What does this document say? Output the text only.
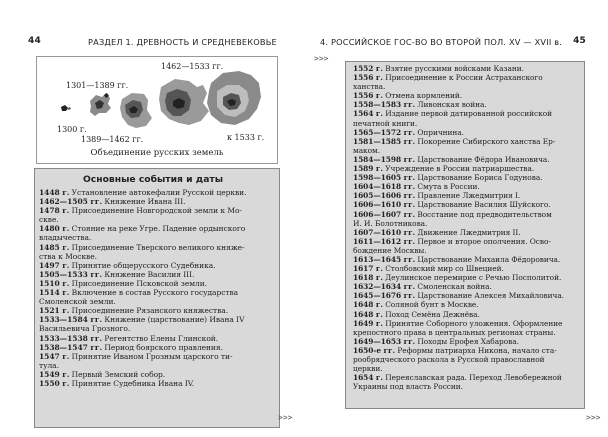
44	РАЗДЕЛ 1. ДРЕВНОСТЬ И СРЕДНЕВЕКОВЬЕ
1300 г.
1301—1389 гг.
1389—1462 гг.
1462—1533 гг.
к 1533 г.
Объединение русских земель
Основные события и даты
1448 г. Установление автокефалии Русской церкви.
1462—1505 гг. Княжение Ивана III.
1478 г. Присоединение Новгородской земли к Мо-
скве.
1480 г. Стояние на реке Угре. Падение ордынского
владычества.
1485 г. Присоединение Тверского великого княже-
ства к Москве.
1497 г. Принятие общерусского Судебника.
1505—1533 гг. Княжение Василия III.
1510 г. Присоединение Псковской земли.
1514 г. Включение в состав Русского государства
Смоленской земли.
1521 г. Присоединение Рязанского княжества.
1533—1584 гг. Княжение (царствование) Ивана IV
Васильевича Грозного.
1533—1538 гг. Регентство Елены Глинской.
1538—1547 гг. Период боярского правления.
1547 г. Принятие Иваном Грозным царского ти-
тула.
1549 г. Первый Земский собор.
1550 г. Принятие Судебника Ивана IV.
>>>
4. РОССИЙСКОЕ ГОС-ВО ВО ВТОРОЙ ПОЛ. XV — XVII в. 45
>>>
1552 г. Взятие русскими войсками Казани.
1556 г. Присоединение к России Астраханского
ханства.
1556 г. Отмена кормлений.
1558—1583 гг. Ливонская война.
1564 г. Издание первой датированной российской
печатной книги.
1565—1572 гг. Опричнина.
1581—1585 гг. Покорение Сибирского ханства Ер-
маком.
1584—1598 гг. Царствование Фёдора Ивановича.
1589 г. Учреждение в России патриаршества.
1598—1605 гг. Царствование Бориса Годунова.
1604—1618 гг. Смута в России.
1605—1606 гг. Правление Лжедмитрия I.
1606—1610 гг. Царствование Василия Шуйского.
1606—1607 гг. Восстание под предводительством
И. И. Болотникова.
1607—1610 гг. Движение Лжедмитрия II.
1611—1612 гг. Первое и второе ополчения. Осво-
бождение Москвы.
1613—1645 гг. Царствование Михаила Фёдоровича.
1617 г. Столбовский мир со Швецией.
1618 г. Деулинское перемирие с Речью Посполитой.
1632—1634 гг. Смоленская война.
1645—1676 гг. Царствование Алексея Михайловича.
1648 г. Соляной бунт в Москве.
1648 г. Поход Семёна Дежнёва.
1649 г. Принятие Соборного уложения. Оформление
крепостного права в центральных регионах страны.
1649—1653 гг. Походы Ерофея Хабарова.
1650-е гг. Реформы патриарха Никона, начало ста-
рообрядческого раскола в Русской православной
церкви.
1654 г. Переяславская рада. Переход Левобережной
Украины под власть России.
>>>
